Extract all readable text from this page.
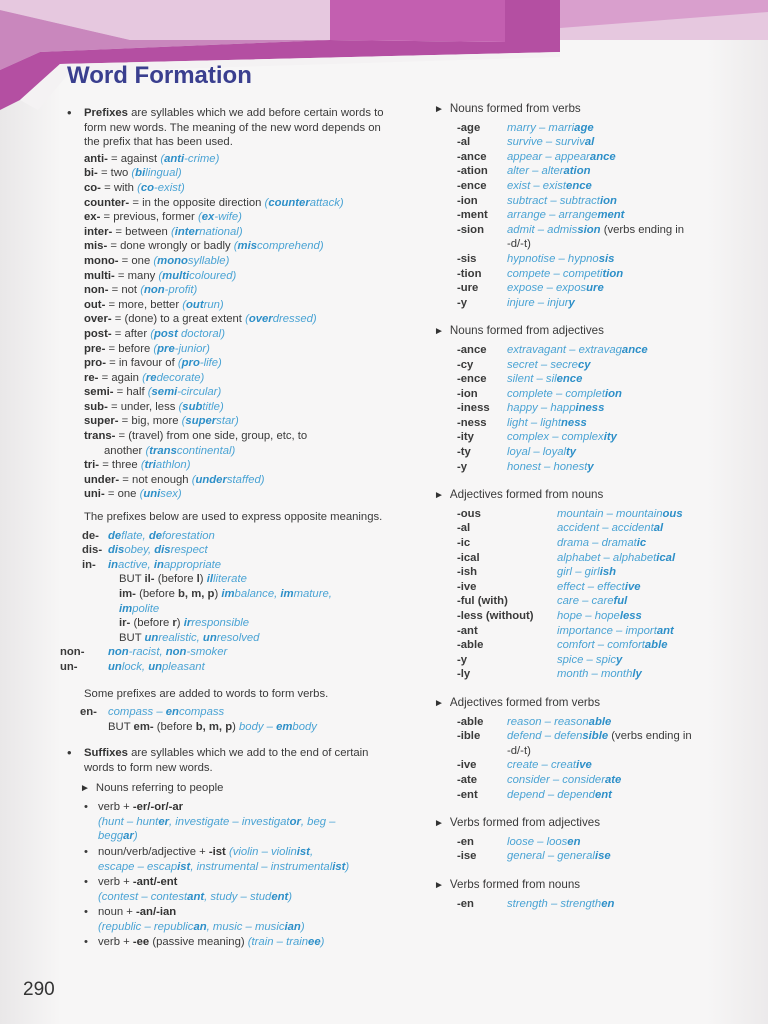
Word Formation
• Prefixes are syllables which we add before certain words to form new words. The meaning of the new word depends on the prefix that has been used.

anti- = against (anti-crime)
bi- = two (bilingual)
co- = with (co-exist)
counter- = in the opposite direction (counterattack)
ex- = previous, former (ex-wife)
inter- = between (international)
mis- = done wrongly or badly (miscomprehend)
mono- = one (monosyllable)
multi- = many (multicoloured)
non- = not (non-profit)
out- = more, better (outrun)
over- = (done) to a great extent (overdressed)
post- = after (post doctoral)
pre- = before (pre-junior)
pro- = in favour of (pro-life)
re- = again (redecorate)
semi- = half (semi-circular)
sub- = under, less (subtitle)
super- = big, more (superstar)
trans- = (travel) from one side, group, etc, to
another (transcontinental)
tri- = three (triathlon)
under- = not enough (understaffed)
uni- = one (unisex)

The prefixes below are used to express opposite meanings.

de- deflate, deforestation
dis- disobey, disrespect
in-	inactive, inappropriate
BUT il- (before l) illiterate
im- (before b, m, p) imbalance, immature,
impolite
ir- (before r) irresponsible
BUT unrealistic, unresolved
non-	non-racist, non-smoker
un-	unlock, unpleasant

Some prefixes are added to words to form verbs.

en- compass – encompass
BUT em- (before b, m, p) body – embody
• Suffixes are syllables which we add to the end of certain words to form new words.

► Nouns referring to people
• verb + -er/-or/-ar
(hunt – hunter, investigate – investigator, beg –
beggar)
• noun/verb/adjective + -ist (violin – violinist,
escape – escapist, instrumental – instrumentalist)
• verb + -ant/-ent
(contest – contestant, study – student)
• noun + -an/-ian
(republic – republican, music – musician)
• verb + -ee (passive meaning) (train – trainee)
► Nouns formed from verbs
-age	marry – marriage
-al	survive – survival
-ance	appear – appearance
-ation	alter – alteration
-ence	exist – existence
-ion	subtract – subtraction
-ment	arrange – arrangement
-sion	admit – admission (verbs ending in
-d/-t)
-sis	hypnotise – hypnosis
-tion	compete – competition
-ure	expose – exposure
-y	injure – injury
► Nouns formed from adjectives
-ance	extravagant – extravagance
-cy	secret – secrecy
-ence	silent – silence
-ion	complete – completion
-iness	happy – happiness
-ness	light – lightness
-ity	complex – complexity
-ty	loyal – loyalty
-y	honest – honesty
► Adjectives formed from nouns
-ous	mountain – mountainous
-al	accident – accidental
-ic	drama – dramatic
-ical	alphabet – alphabetical
-ish	girl – girlish
-ive	effect – effective
-ful (with)	care – careful
-less (without)	hope – hopeless
-ant	importance – important
-able	comfort – comfortable
-y	spice – spicy
-ly	month – monthly
► Adjectives formed from verbs
-able	reason – reasonable
-ible	defend – defensible (verbs ending in
-d/-t)
-ive	create – creative
-ate	consider – considerate
-ent	depend – dependent
► Verbs formed from adjectives
-en	loose – loosen
-ise	general – generalise
► Verbs formed from nouns
-en	strength – strengthen
290
